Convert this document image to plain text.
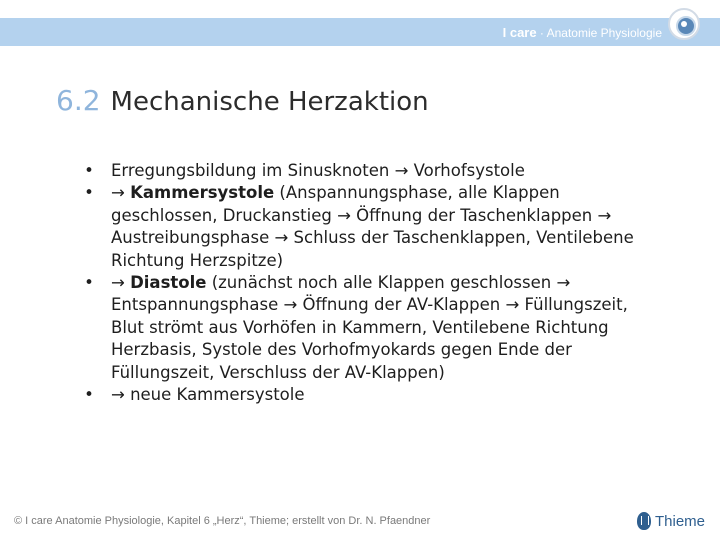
I care · Anatomie Physiologie
6.2 Mechanische Herzaktion
• Erregungsbildung im Sinusknoten → Vorhofsystole
• → Kammersystole (Anspannungsphase, alle Klappen geschlossen, Druckanstieg → Öffnung der Taschenklappen → Austreibungsphase → Schluss der Taschenklappen, Ventilebene Richtung Herzspitze)
• → Diastole (zunächst noch alle Klappen geschlossen → Entspannungsphase → Öffnung der AV-Klappen → Füllungszeit, Blut strömt aus Vorhöfen in Kammern, Ventilebene Richtung Herzbasis, Systole des Vorhofmyokards gegen Ende der Füllungszeit, Verschluss der AV-Klappen)
• → neue Kammersystole
© I care Anatomie Physiologie, Kapitel 6 „Herz“, Thieme; erstellt von Dr. N. Pfaendner	Thieme
